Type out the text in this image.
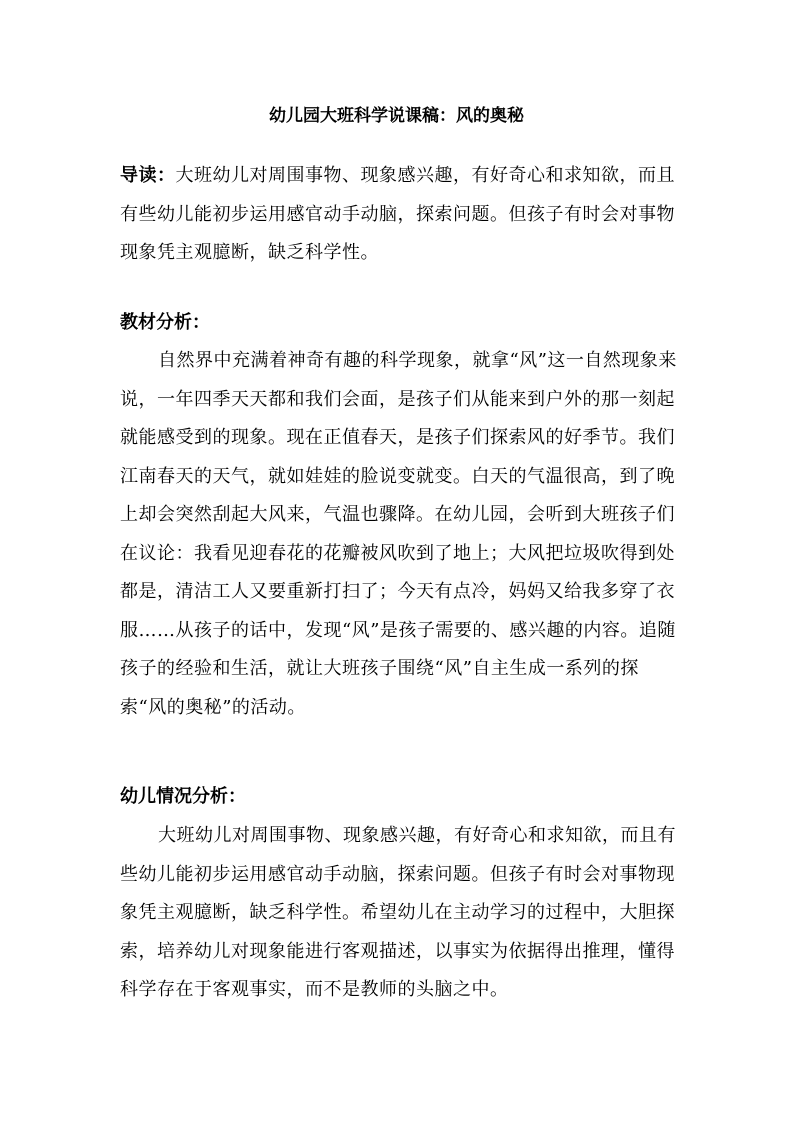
幼儿园大班科学说课稿：风的奥秘

导读：大班幼儿对周围事物、现象感兴趣，有好奇心和求知欲，而且有些幼儿能初步运用感官动手动脑，探索问题。但孩子有时会对事物现象凭主观臆断，缺乏科学性。

教材分析：

自然界中充满着神奇有趣的科学现象，就拿“风”这一自然现象来说，一年四季天天都和我们会面，是孩子们从能来到户外的那一刻起就能感受到的现象。现在正值春天，是孩子们探索风的好季节。我们江南春天的天气，就如娃娃的脸说变就变。白天的气温很高，到了晚上却会突然刮起大风来，气温也骤降。在幼儿园，会听到大班孩子们在议论：我看见迎春花的花瓣被风吹到了地上；大风把垃圾吹得到处都是，清洁工人又要重新打扫了；今天有点冷，妈妈又给我多穿了衣服……从孩子的话中，发现“风”是孩子需要的、感兴趣的内容。追随孩子的经验和生活，就让大班孩子围绕“风”自主生成一系列的探索“风的奥秘”的活动。

幼儿情况分析：

大班幼儿对周围事物、现象感兴趣，有好奇心和求知欲，而且有些幼儿能初步运用感官动手动脑，探索问题。但孩子有时会对事物现象凭主观臆断，缺乏科学性。希望幼儿在主动学习的过程中，大胆探索，培养幼儿对现象能进行客观描述，以事实为依据得出推理，懂得科学存在于客观事实，而不是教师的头脑之中。
